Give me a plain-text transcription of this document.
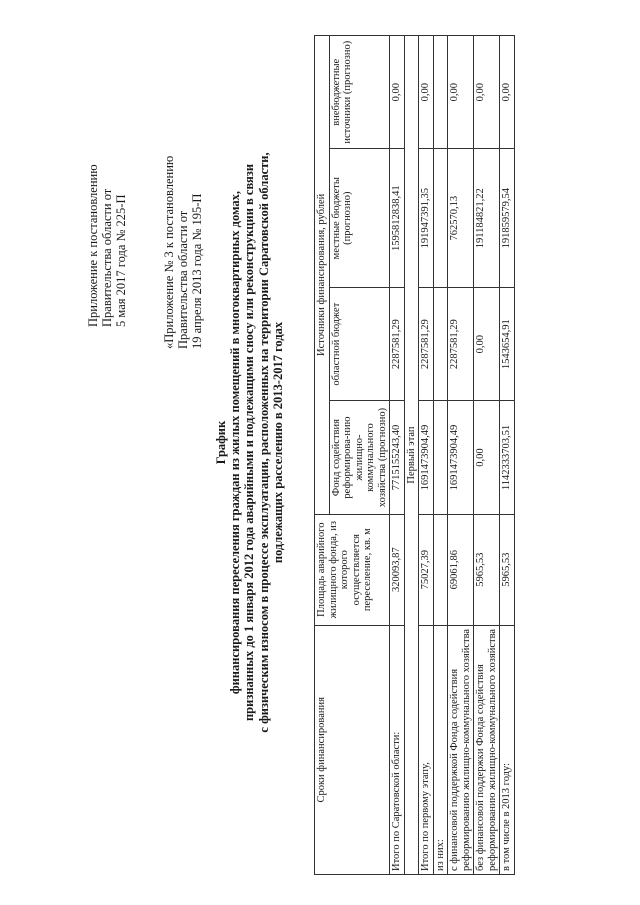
Приложение к постановлению Правительства области от 5 мая 2017 года № 225-П	«Приложение № 3 к постановлению Правительства области от 19 апреля 2013 года № 195-П
График финансирования переселения граждан из жилых помещений в многоквартирных домах, признанных до 1 января 2012 года аварийными и подлежащими сносу или реконструкции в связи с физическим износом в процессе эксплуатации, расположенных на территории Саратовской области, подлежащих расселению в 2013-2017 годах
Сроки финансирования	Площадь аварийного жилищного фонда, из которого осуществляется переселение, кв. м	Источники финансирования, рублей			
		Фонд содействия реформирова-нию жилищно-коммунального хозяйства (прогнозно)	областной бюджет	местные бюджеты (прогнозно)	внебюджетные источники (прогнозно)
Итого по Саратовской области:	320093,87	7715155243,40	2287581,29	1595812838,41	0,00
Первый этап					
Итого по первому этапу,	75027,39	1691473904,49	2287581,29	191947391,35	0,00
из них:					
с финансовой поддержкой Фонда содействия реформированию жилищно-коммунального хозяйства	69061,86	1691473904,49	2287581,29	762570,13	0,00
без финансовой поддержки Фонда содействия реформированию жилищно-коммунального хозяйства	5965,53	0,00	0,00	191184821,22	0,00
в том числе в 2013 году:	5965,53	1142333703,51	1543654,91	191859579,54	0,00
